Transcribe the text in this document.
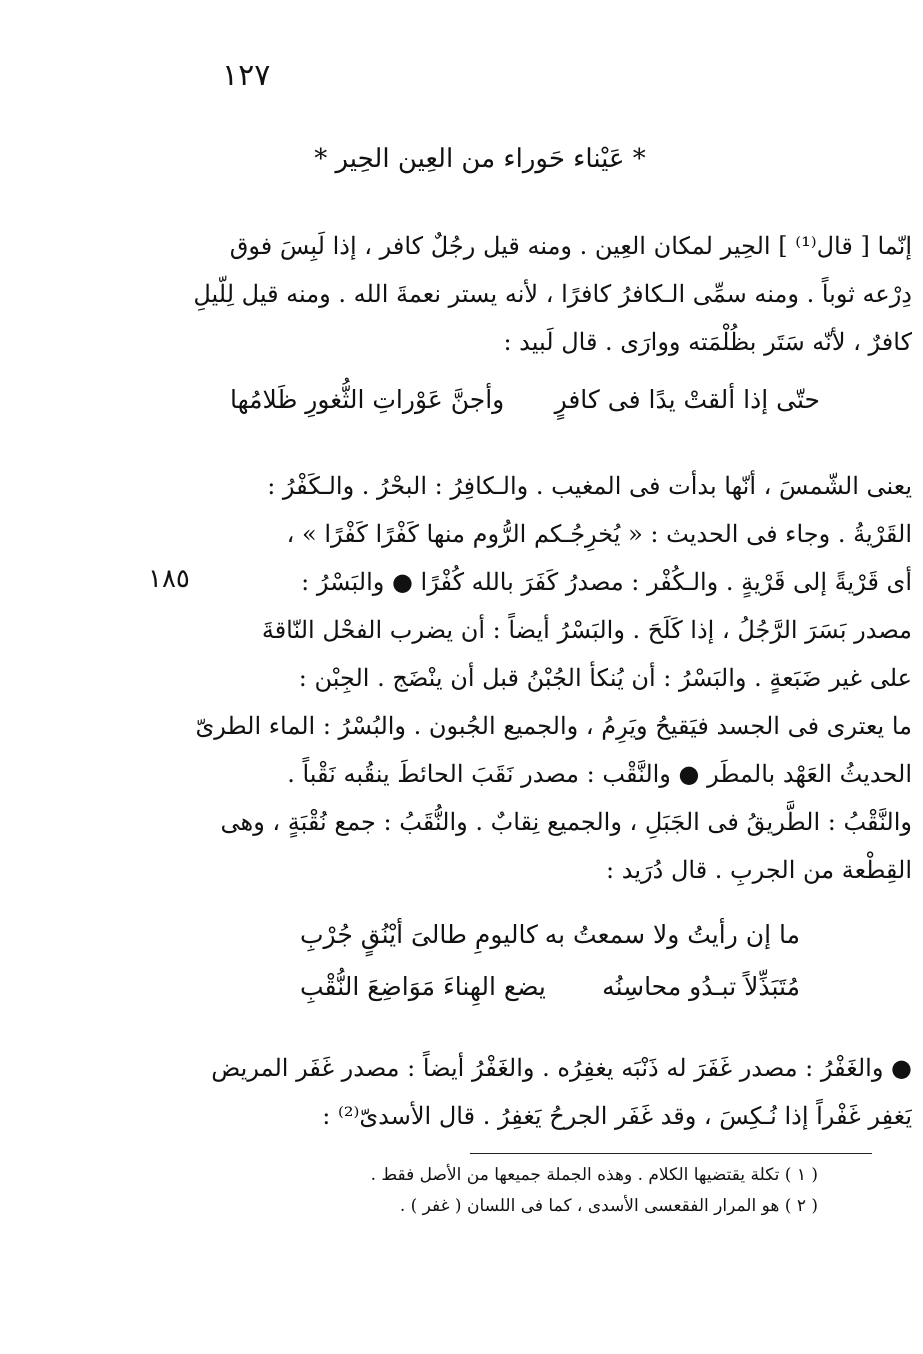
١٢٧
* عَيْناء حَوراء من العِين الحِير *
إنّما [ قال⁽¹⁾ ] الحِير لمكان العِين . ومنه قيل رجُلٌ كافر ، إذا لَبِسَ فوق
دِرْعه ثوباً . ومنه سمِّى الـكافرُ كافرًا ، لأنه يستر نعمةَ الله . ومنه قيل لِلّيلِ
كافرٌ ، لأنّه سَتَر بظُلْمَته ووارَى . قال لَبيد :
حتّى إذا ألقتْ يدًا فى كافرٍ
وأجنَّ عَوْراتِ الثُّغورِ ظَلامُها
١٨٥
يعنى الشّمسَ ، أنّها بدأت فى المغيب . والـكافِرُ : البحْرُ . والـكَفْرُ :
القَرْيةُ . وجاء فى الحديث : « يُخرِجُـكم الرُّوم منها كَفْرًا كَفْرًا » ،
أى قَرْيةً إلى قَرْيةٍ . والـكُفْر : مصدرُ كَفَرَ بالله كُفْرًا ● والبَسْرُ :
مصدر بَسَرَ الرَّجُلُ ، إذا كَلَحَ . والبَسْرُ أيضاً : أن يضرب الفحْل النّاقةَ
على غير ضَبَعةٍ . والبَسْرُ : أن يُنكأ الجُبْنُ قبل أن ينْضَج . الجِبْن :
ما يعترى فى الجسد فيَقيحُ ويَرِمُ ، والجميع الجُبون . والبُسْرُ : الماء الطرىّ
الحديثُ العَهْد بالمطَر ● والنَّقْب : مصدر نَقَبَ الحائطَ ينقُبه نَقْباً .
والنَّقْبُ : الطَّريقُ فى الجَبَلِ ، والجميع نِقابٌ . والنُّقَبُ : جمع نُقْبَةٍ ، وهى
القِطْعة من الجربِ . قال دُرَيد :
ما إن رأيتُ ولا سمعتُ به
كاليومِ طالىَ أيْنُقٍ جُرْبِ
مُتَبَذِّلاً تبـدُو محاسِنُه
يضع الهِناءَ مَوَاضِعَ النُّقْبِ
● والغَفْرُ : مصدر غَفَرَ له ذَنْبَه يغفِرُه . والغَفْرُ أيضاً : مصدر غَفَر المريض
يَغفِر غَفْراً إذا نُـكِسَ ، وقد غَفَر الجرحُ يَغفِرُ . قال الأسدىّ⁽²⁾ :
( ١ ) تكلة يقتضيها الكلام . وهذه الجملة جميعها من الأصل فقط .
( ٢ ) هو المرار الفقعسى الأسدى ، كما فى اللسان ( غفر ) .
